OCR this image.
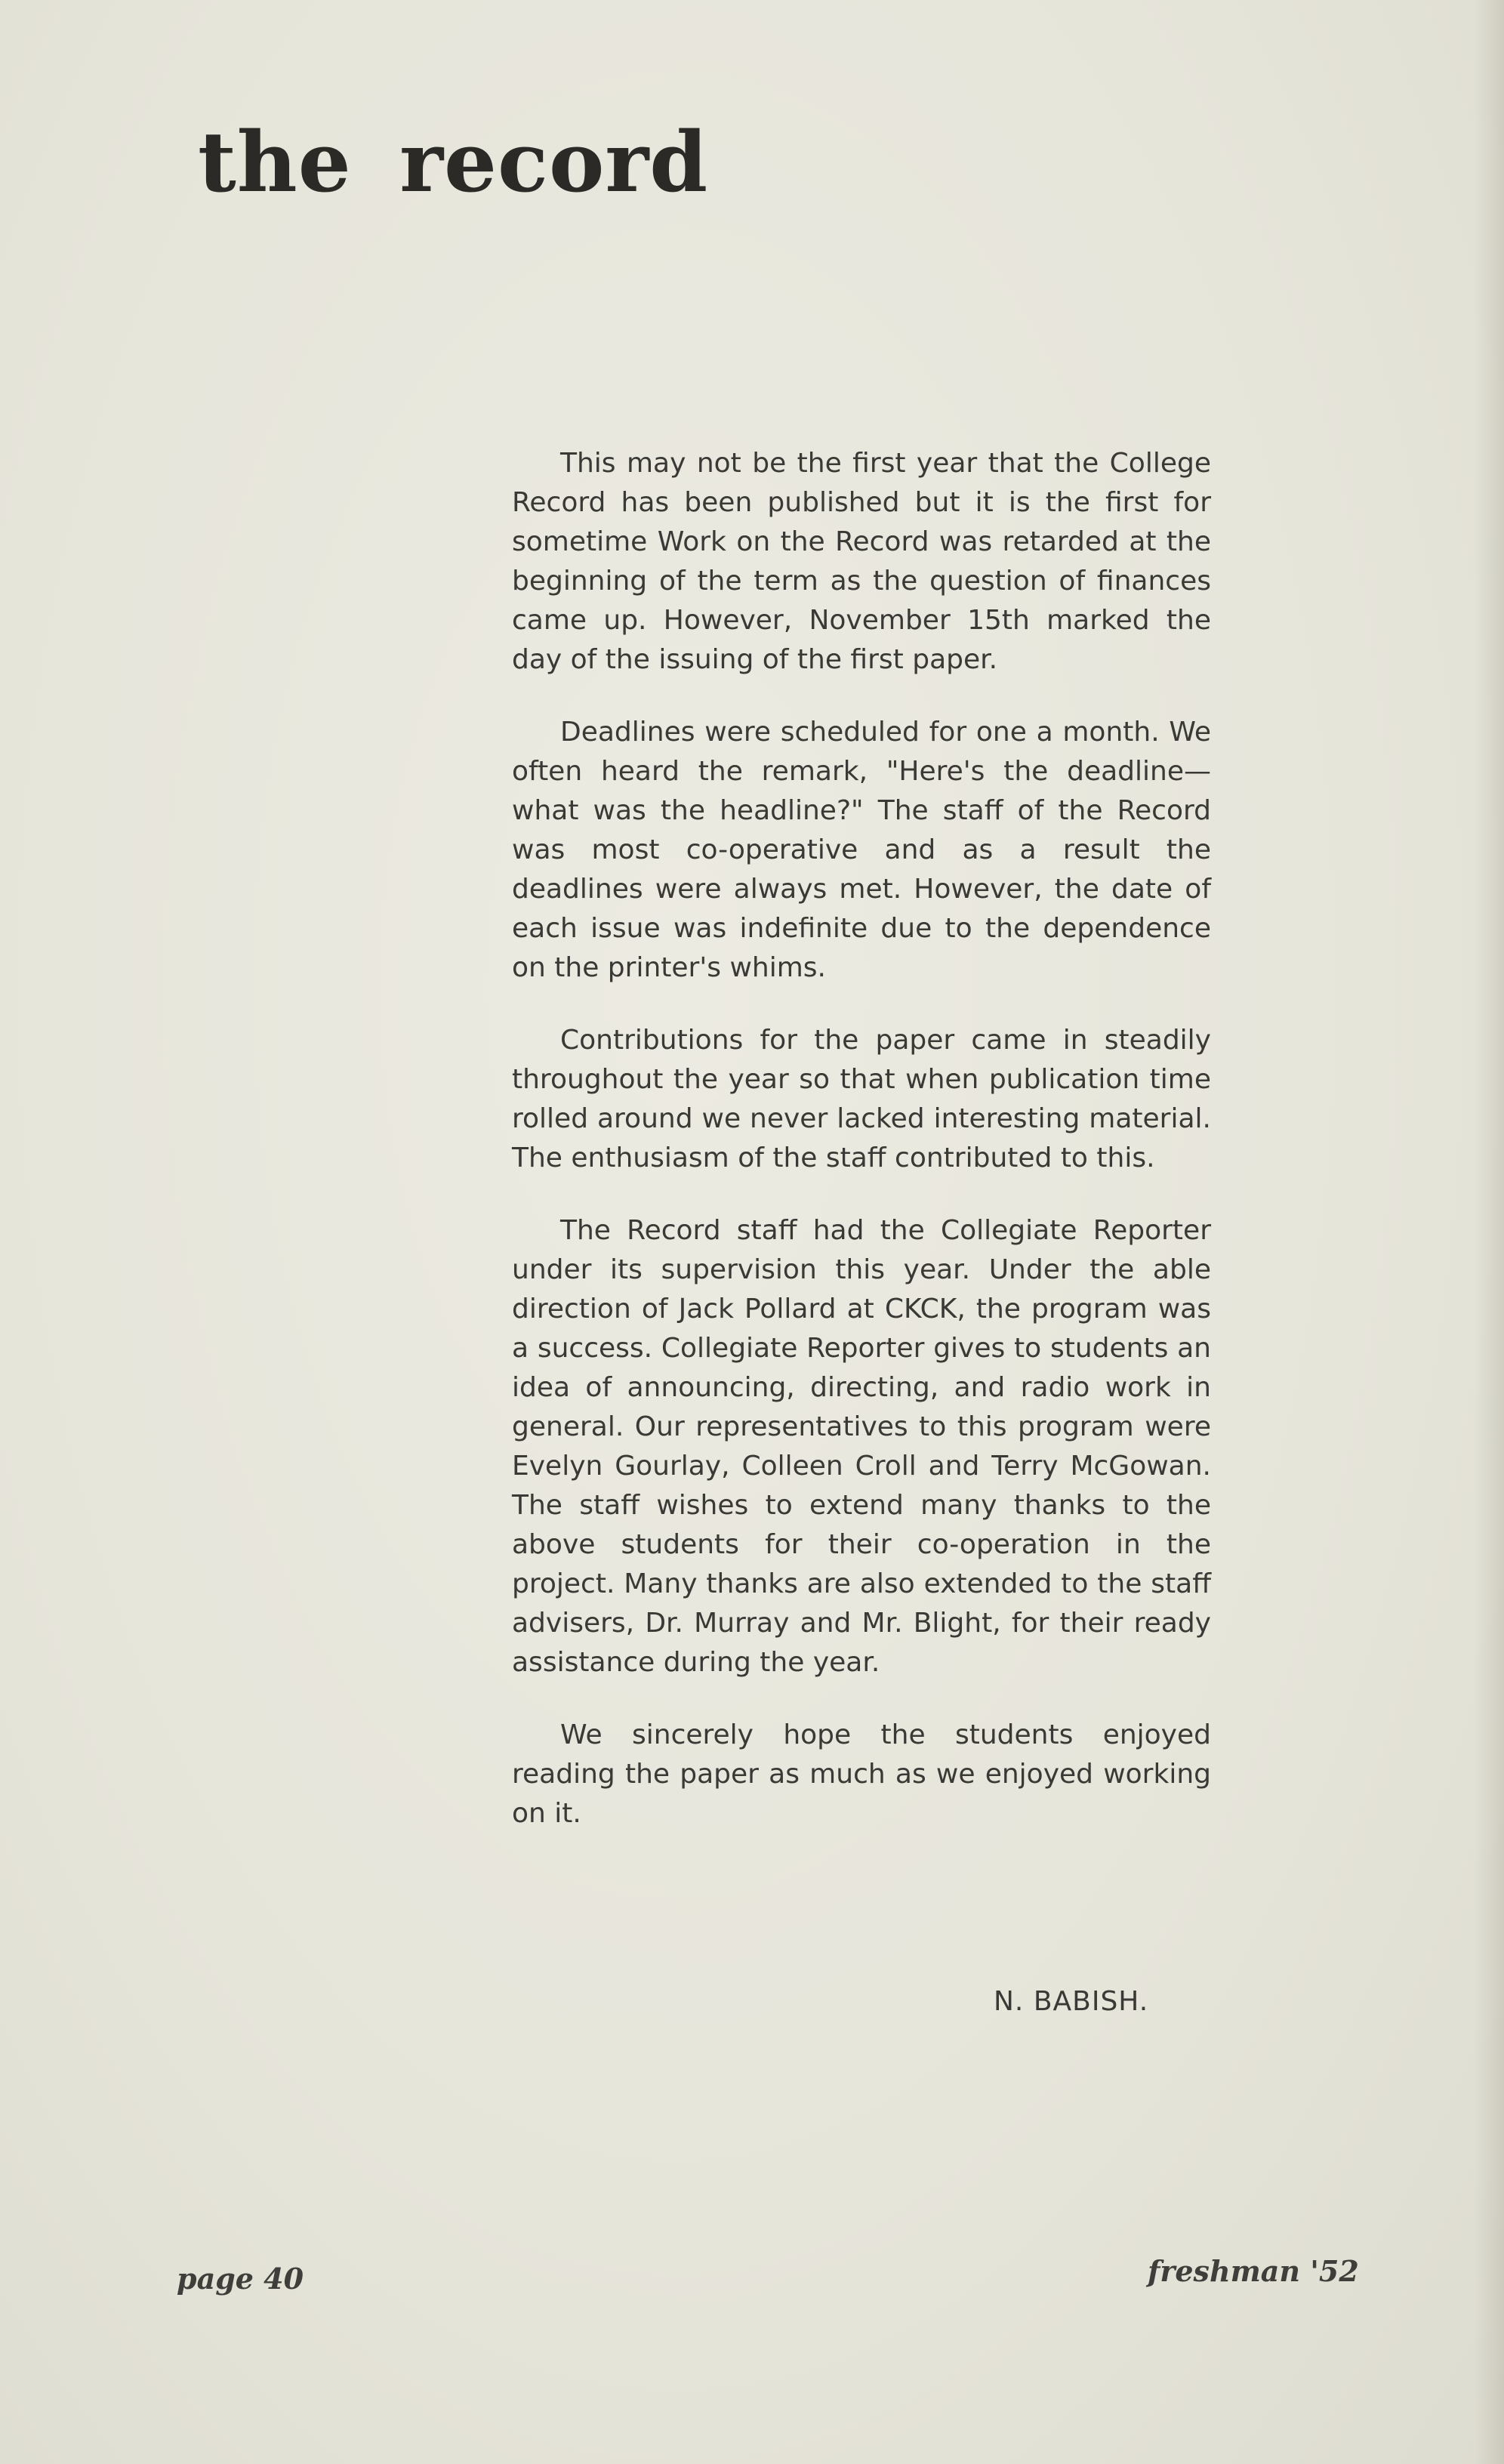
the record

This may not be the first year that the College Record has been published but it is the first for sometime Work on the Record was retarded at the beginning of the term as the question of finances came up. However, November 15th marked the day of the issuing of the first paper.

Deadlines were scheduled for one a month. We often heard the remark, "Here's the deadline—what was the headline?" The staff of the Record was most co-operative and as a result the deadlines were always met. However, the date of each issue was indefinite due to the dependence on the printer's whims.

Contributions for the paper came in steadily throughout the year so that when publication time rolled around we never lacked interesting material. The enthusiasm of the staff contributed to this.

The Record staff had the Collegiate Reporter under its supervision this year. Under the able direction of Jack Pollard at CKCK, the program was a success. Collegiate Reporter gives to students an idea of announcing, directing, and radio work in general. Our representatives to this program were Evelyn Gourlay, Colleen Croll and Terry McGowan. The staff wishes to extend many thanks to the above students for their co-operation in the project. Many thanks are also extended to the staff advisers, Dr. Murray and Mr. Blight, for their ready assistance during the year.

We sincerely hope the students enjoyed reading the paper as much as we enjoyed working on it.

N. BABISH.
page 40	freshman '52
